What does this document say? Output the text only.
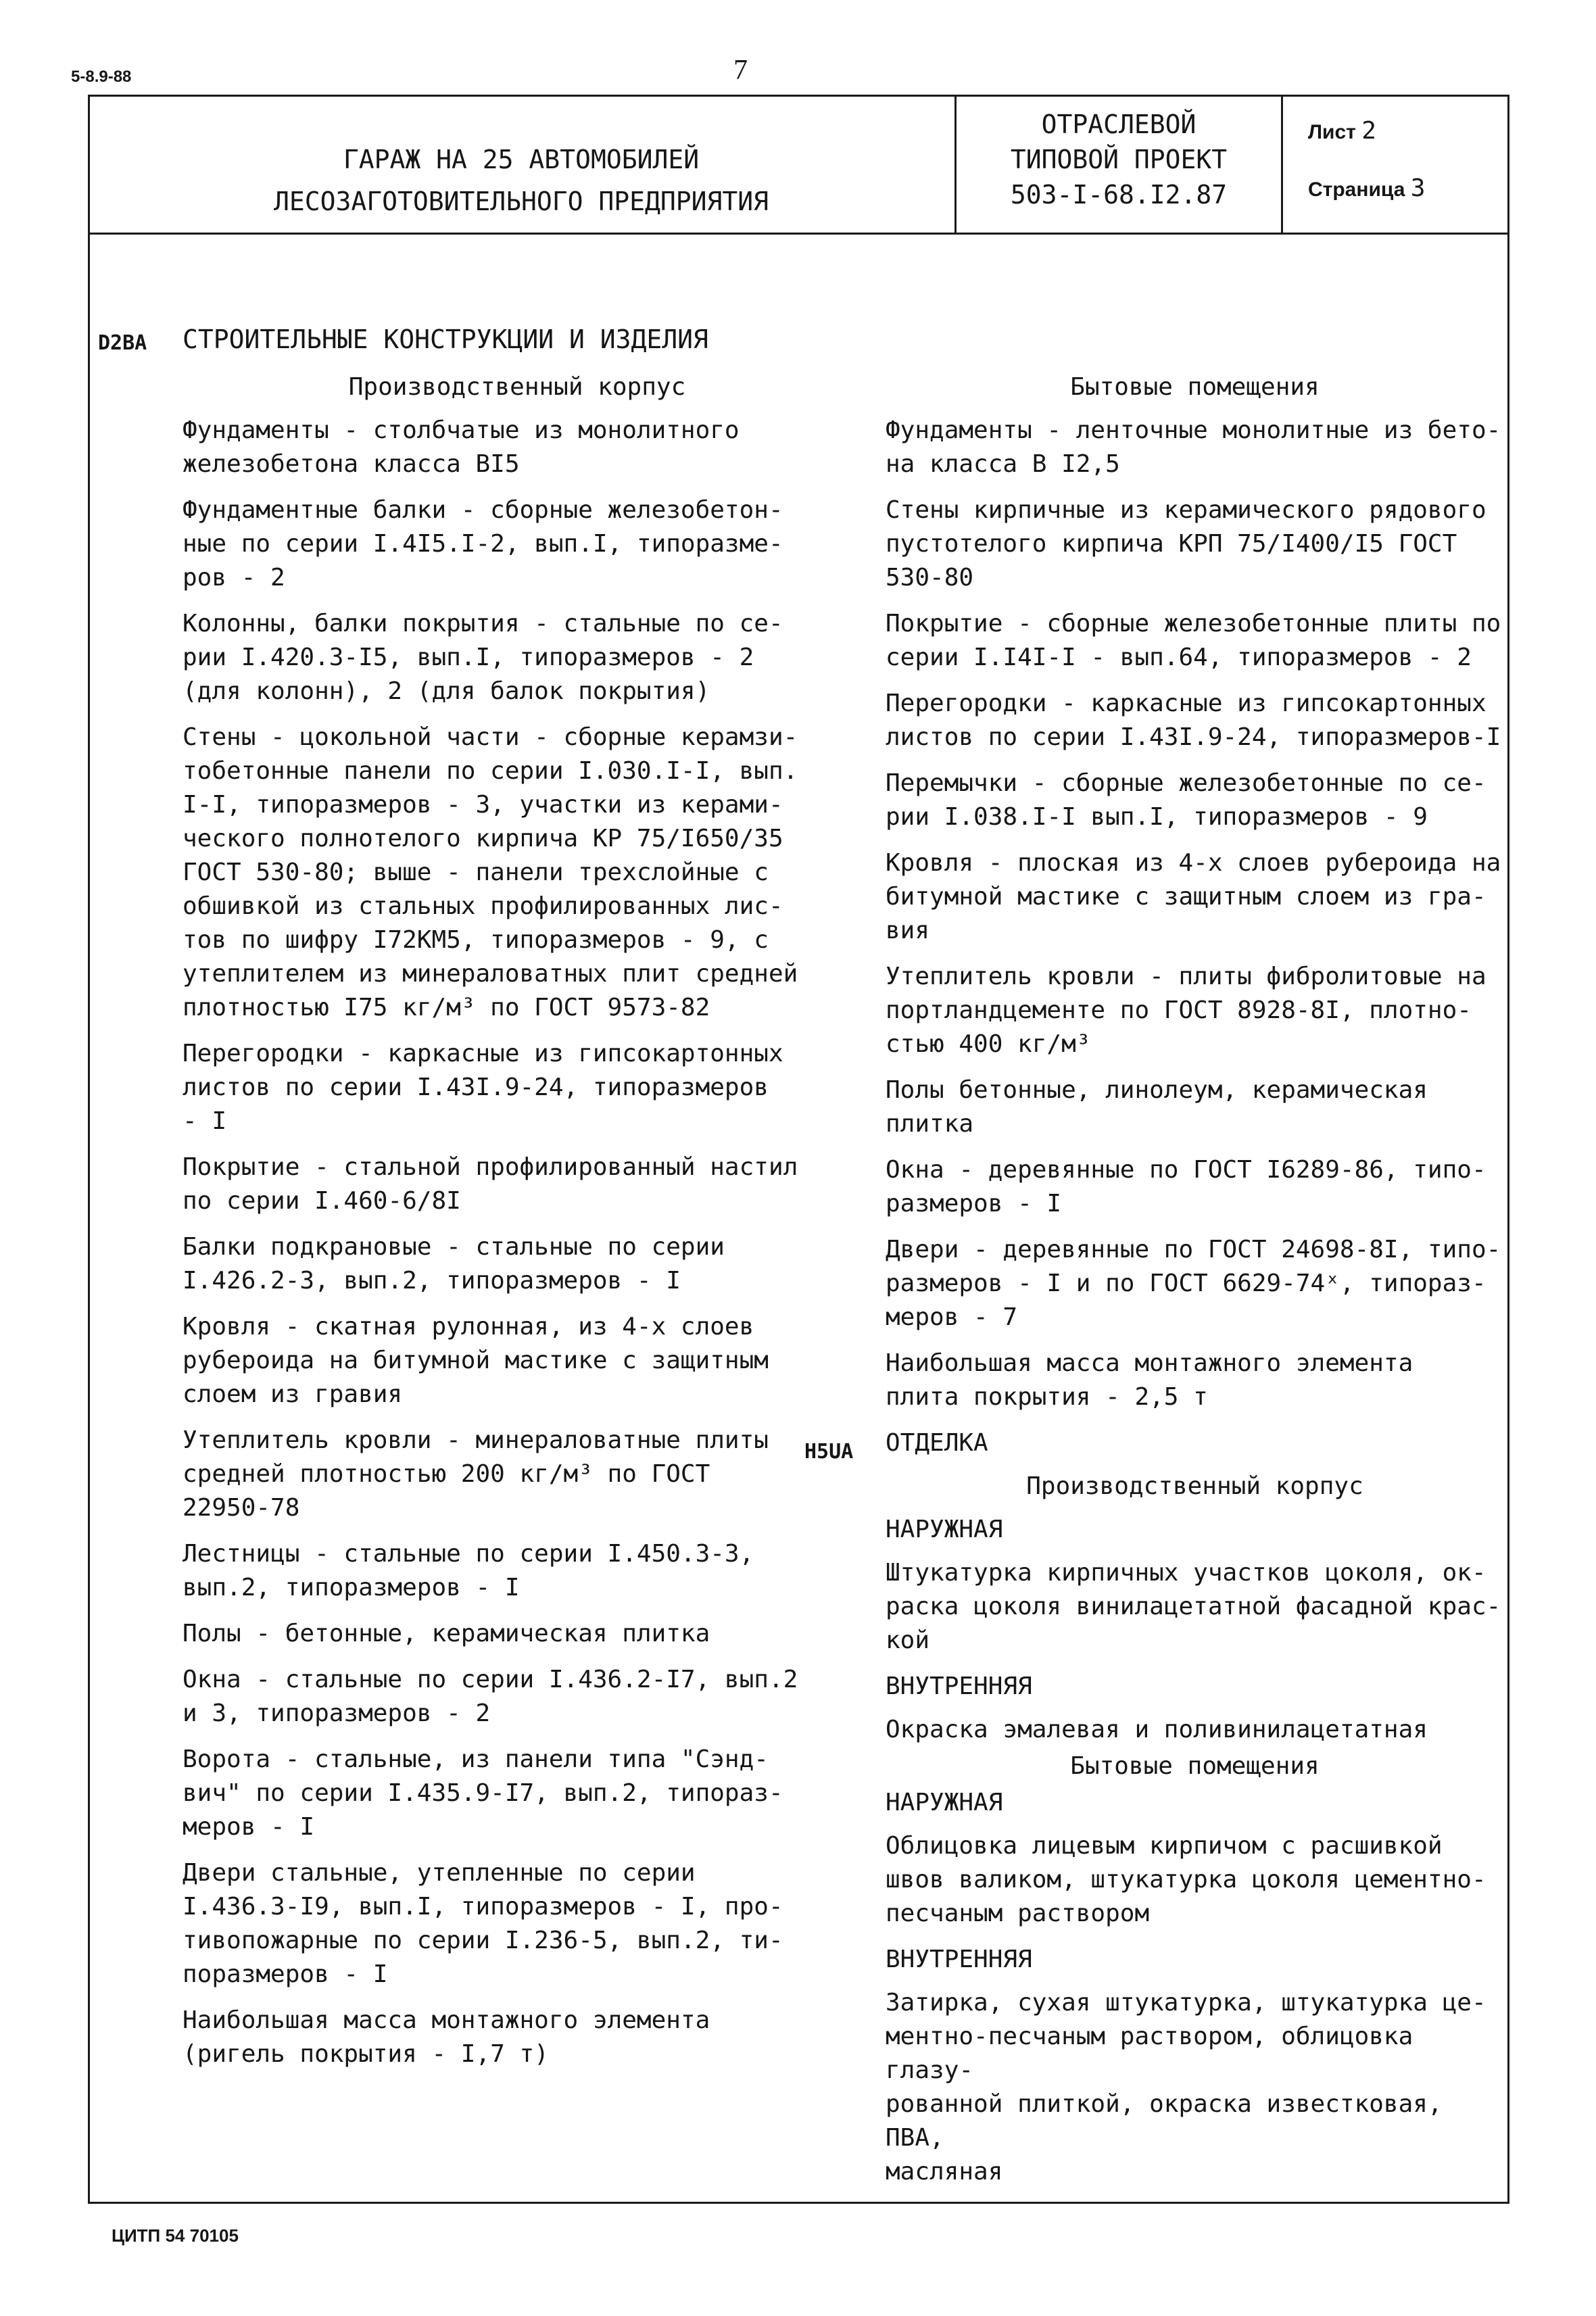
5-8.9-88	7
ГАРАЖ НА 25 АВТОМОБИЛЕЙ
ЛЕСОЗАГОТОВИТЕЛЬНОГО ПРЕДПРИЯТИЯ
ОТРАСЛЕВОЙ
ТИПОВОЙ ПРОЕКТ
503-I-68.I2.87
Лист 2
Страница 3
D2BA СТРОИТЕЛЬНЫЕ КОНСТРУКЦИИ И ИЗДЕЛИЯ

Производственный корпус

Фундаменты - столбчатые из монолитного
железобетона класса BI5

Фундаментные балки - сборные железобетон-
ные по серии I.4I5.I-2, вып.I, типоразме-
ров - 2

Колонны, балки покрытия - стальные по се-
рии I.420.3-I5, вып.I, типоразмеров - 2
(для колонн), 2 (для балок покрытия)

Стены - цокольной части - сборные керамзи-
тобетонные панели по серии I.030.I-I, вып.
I-I, типоразмеров - 3, участки из керами-
ческого полнотелого кирпича КР 75/I650/35
ГОСТ 530-80; выше - панели трехслойные с
обшивкой из стальных профилированных лис-
тов по шифру I72КМ5, типоразмеров - 9, с
утеплителем из минераловатных плит средней
плотностью I75 кг/м³ по ГОСТ 9573-82

Перегородки - каркасные из гипсокартонных
листов по серии I.43I.9-24, типоразмеров
- I

Покрытие - стальной профилированный настил
по серии I.460-6/8I

Балки подкрановые - стальные по серии
I.426.2-3, вып.2, типоразмеров - I

Кровля - скатная рулонная, из 4-х слоев
рубероида на битумной мастике с защитным
слоем из гравия

Утеплитель кровли - минераловатные плиты
средней плотностью 200 кг/м³ по ГОСТ
22950-78

Лестницы - стальные по серии I.450.3-3,
вып.2, типоразмеров - I

Полы - бетонные, керамическая плитка

Окна - стальные по серии I.436.2-I7, вып.2
и 3, типоразмеров - 2

Ворота - стальные, из панели типа "Сэнд-
вич" по серии I.435.9-I7, вып.2, типораз-
меров - I

Двери стальные, утепленные по серии
I.436.3-I9, вып.I, типоразмеров - I, про-
тивопожарные по серии I.236-5, вып.2, ти-
поразмеров - I

Наибольшая масса монтажного элемента
(ригель покрытия - I,7 т)

H5UA

Бытовые помещения

Фундаменты - ленточные монолитные из бето-
на класса В I2,5

Стены кирпичные из керамического рядового
пустотелого кирпича КРП 75/I400/I5 ГОСТ
530-80

Покрытие - сборные железобетонные плиты по
серии I.I4I-I - вып.64, типоразмеров - 2

Перегородки - каркасные из гипсокартонных
листов по серии I.43I.9-24, типоразмеров-I

Перемычки - сборные железобетонные по се-
рии I.038.I-I вып.I, типоразмеров - 9

Кровля - плоская из 4-х слоев рубероида на
битумной мастике с защитным слоем из гра-
вия

Утеплитель кровли - плиты фибролитовые на
портландцементе по ГОСТ 8928-8I, плотно-
стью 400 кг/м³

Полы бетонные, линолеум, керамическая
плитка

Окна - деревянные по ГОСТ I6289-86, типо-
размеров - I

Двери - деревянные по ГОСТ 24698-8I, типо-
размеров - I и по ГОСТ 6629-74ˣ, типораз-
меров - 7

Наибольшая масса монтажного элемента
плита покрытия - 2,5 т

ОТДЕЛКА

Производственный корпус

НАРУЖНАЯ

Штукатурка кирпичных участков цоколя, ок-
раска цоколя винилацетатной фасадной крас-
кой

ВНУТРЕННЯЯ

Окраска эмалевая и поливинилацетатная

Бытовые помещения

НАРУЖНАЯ

Облицовка лицевым кирпичом с расшивкой
швов валиком, штукатурка цоколя цементно-
песчаным раствором

ВНУТРЕННЯЯ

Затирка, сухая штукатурка, штукатурка це-
ментно-песчаным раствором, облицовка глазу-
рованной плиткой, окраска известковая, ПВА,
масляная

ЦИТП 54 70105
